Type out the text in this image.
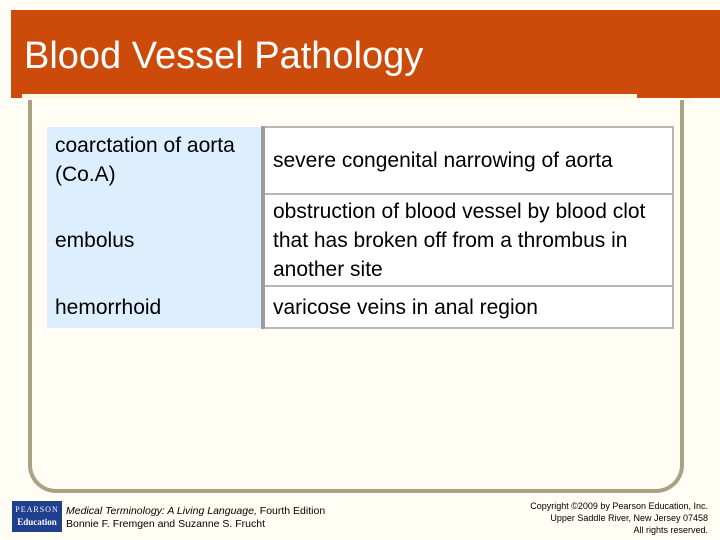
Blood Vessel Pathology
coarctation of aorta (Co.A)	severe congenital narrowing of aorta
embolus	obstruction of blood vessel by blood clot that has broken off from a thrombus in another site
hemorrhoid	varicose veins in anal region
PEARSON
Education
Medical Terminology: A Living Language, Fourth Edition
Bonnie F. Fremgen and Suzanne S. Frucht
Copyright ©2009 by Pearson Education, Inc.
Upper Saddle River, New Jersey 07458
All rights reserved.
